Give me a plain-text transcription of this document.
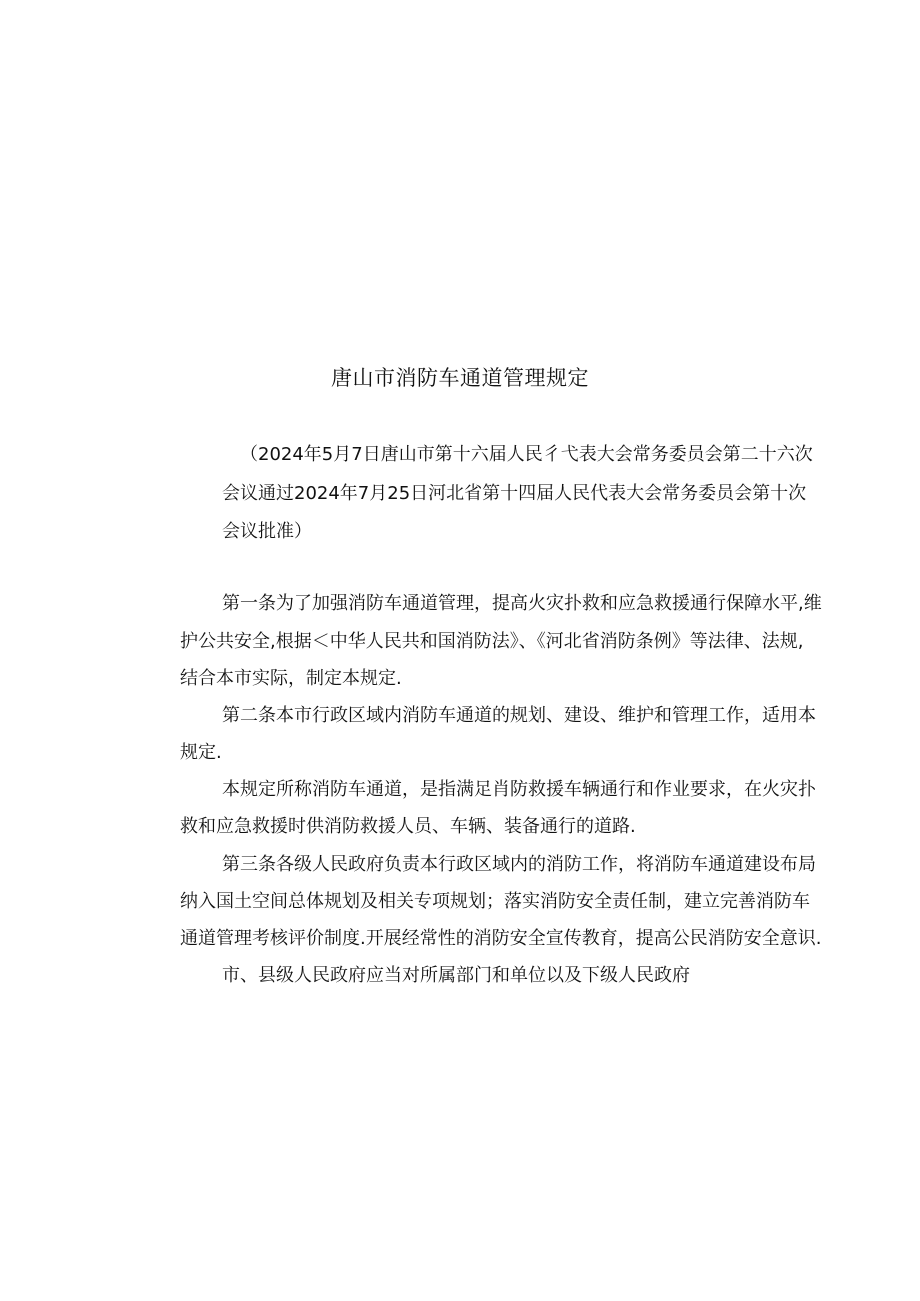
唐山市消防车通道管理规定
（2024年5月7日唐山市第十六届人民彳弋表大会常务委员会第二十六次
会议通过2024年7月25日河北省第十四届人民代表大会常务委员会第十次
会议批准）
第一条为了加强消防车通道管理，提高火灾扑救和应急救援通行保障水平,维
护公共安全,根据＜中华人民共和国消防法》、《河北省消防条例》等法律、法规,
结合本市实际，制定本规定.
第二条本市行政区域内消防车通道的规划、建设、维护和管理工作，适用本
规定.
本规定所称消防车通道，是指满足肖防救援车辆通行和作业要求，在火灾扑
救和应急救援时供消防救援人员、车辆、装备通行的道路.
第三条各级人民政府负责本行政区域内的消防工作，将消防车通道建设布局
纳入国土空间总体规划及相关专项规划；落实消防安全责任制，建立完善消防车
通道管理考核评价制度.开展经常性的消防安全宣传教育，提高公民消防安全意识.
市、县级人民政府应当对所属部门和单位以及下级人民政府
